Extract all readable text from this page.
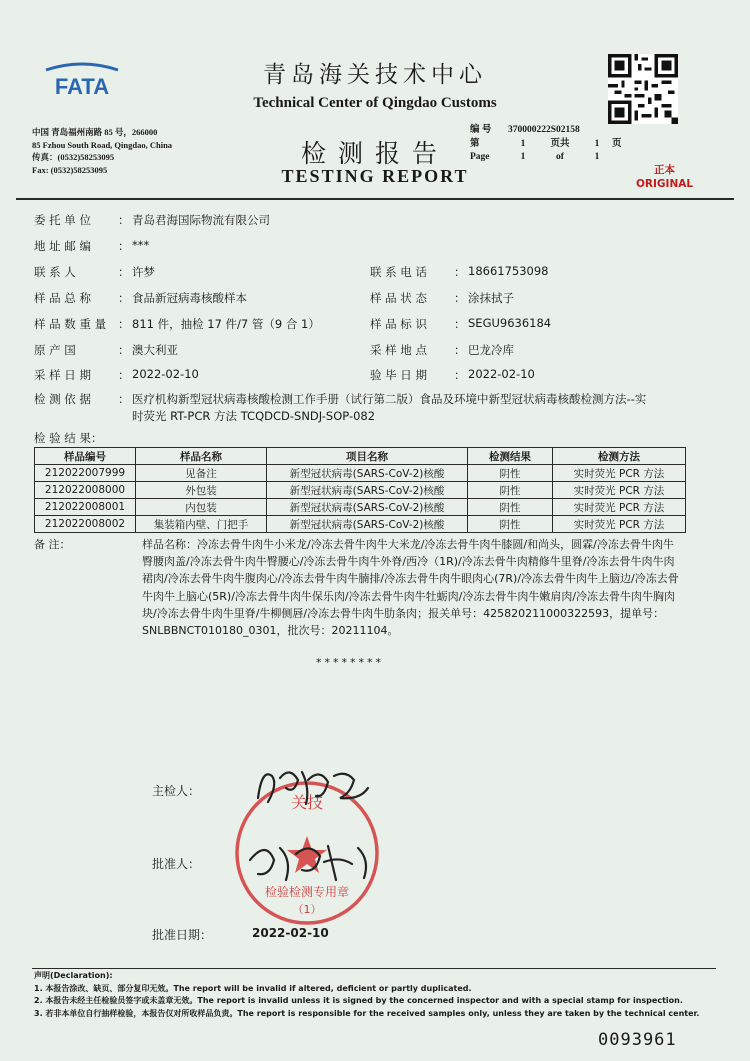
FATA	青岛海关技术中心
Technical Center of Qingdao Customs
中国 青岛福州南路 85 号，266000
85 Fzhou South Road, Qingdao, China
传真：(0532)58253095
Fax: (0532)58253095
检测报告
TESTING REPORT
编 号	370000222S02158
第	1	页共	1	页
Page	1	of	1
正本
ORIGINAL
委 托 单 位	： 青岛君海国际物流有限公司
地 址 邮 编	： ***
联 系 人	： 许梦	联 系 电 话	： 18661753098
样 品 总 称	： 食品新冠病毒核酸样本	样 品 状 态	： 涂抹拭子
样 品 数 重 量	： 811 件，抽检 17 件/7 管（9 合 1）	样 品 标 识	： SEGU9636184
原 产 国	： 澳大利亚	采 样 地 点	： 巴龙冷库
采 样 日 期	： 2022-02-10	验 毕 日 期	： 2022-02-10
检 测 依 据	： 医疗机构新型冠状病毒核酸检测工作手册（试行第二版）食品及环境中新型冠状病毒核酸检测方法--实时荧光 RT-PCR 方法 TCQDCD-SNDJ-SOP-082
检 验 结 果：
样品编号	样品名称	项目名称	检测结果	检测方法
212022007999	见备注	新型冠状病毒(SARS-CoV-2)核酸	阴性	实时荧光 PCR 方法
212022008000	外包装	新型冠状病毒(SARS-CoV-2)核酸	阴性	实时荧光 PCR 方法
212022008001	内包装	新型冠状病毒(SARS-CoV-2)核酸	阴性	实时荧光 PCR 方法
212022008002	集装箱内壁、门把手	新型冠状病毒(SARS-CoV-2)核酸	阴性	实时荧光 PCR 方法
备 注：	样品名称：冷冻去骨牛肉牛小米龙/冷冻去骨牛肉牛大米龙/冷冻去骨牛肉牛膝圆/和尚头，圆霖/冷冻去骨牛肉牛臀腰肉盖/冷冻去骨牛肉牛臀腰心/冷冻去骨牛肉牛外脊/西冷（1R)/冷冻去骨牛肉精修牛里脊/冷冻去骨牛肉牛肉裙肉/冷冻去骨牛肉牛腹肉心/冷冻去骨牛肉牛腩排/冷冻去骨牛肉牛眼肉心(7R)/冷冻去骨牛肉牛上脑边/冷冻去骨牛肉牛上脑心(5R)/冷冻去骨牛肉牛保乐肉/冷冻去骨牛肉牛牡蛎肉/冷冻去骨牛肉牛嫩肩肉/冷冻去骨牛肉牛胸肉块/冷冻去骨牛肉牛里脊/牛柳侧唇/冷冻去骨牛肉牛肋条肉；报关单号：425820211000322593，提单号：SNLBBNCT010180_0301，批次号：20211104。
********
主检人：
批准人：
批准日期：	2022-02-10
关技
检验检测专用章
（1）
声明(Declaration):
1. 本报告涂改、缺页、部分复印无效。The report will be invalid if altered, deficient or partly duplicated.
2. 本报告未经主任检验员签字或未盖章无效。The report is invalid unless it is signed by the concerned inspector and with a special stamp for inspection.
3. 若非本单位自行抽样检验，本报告仅对所收样品负责。The report is responsible for the received samples only, unless they are taken by the technical center.
0093961
